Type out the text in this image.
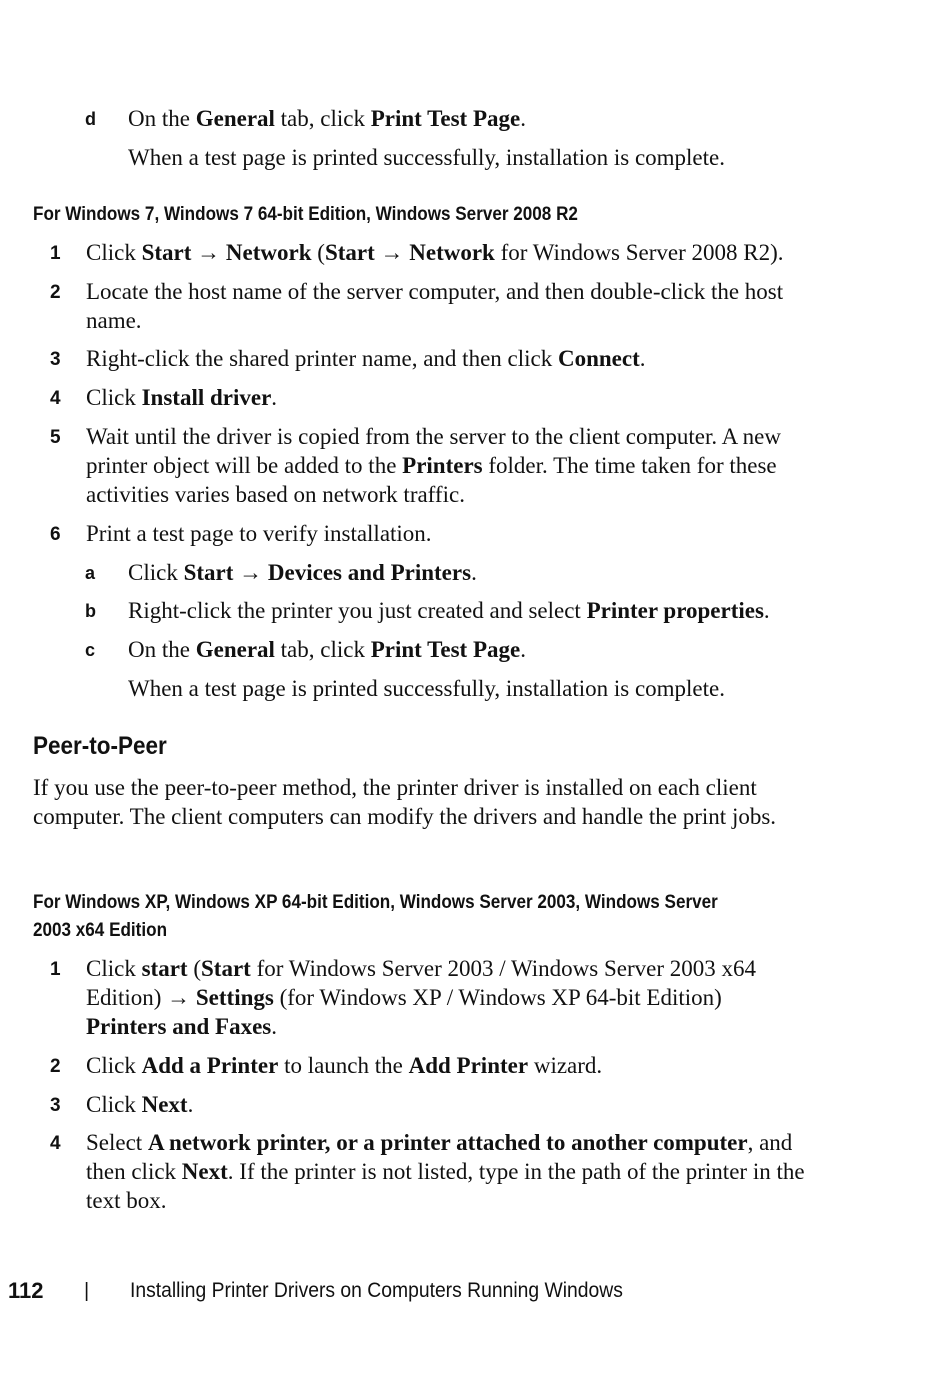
d On the General tab, click Print Test Page.
When a test page is printed successfully, installation is complete.
For Windows 7, Windows 7 64-bit Edition, Windows Server 2008 R2
1 Click Start → Network (Start → Network for Windows Server 2008 R2).
2 Locate the host name of the server computer, and then double-click the host name.
3 Right-click the shared printer name, and then click Connect.
4 Click Install driver.
5 Wait until the driver is copied from the server to the client computer. A new printer object will be added to the Printers folder. The time taken for these activities varies based on network traffic.
6 Print a test page to verify installation.
a Click Start → Devices and Printers.
b Right-click the printer you just created and select Printer properties.
c On the General tab, click Print Test Page.
When a test page is printed successfully, installation is complete.
Peer-to-Peer
If you use the peer-to-peer method, the printer driver is installed on each client computer. The client computers can modify the drivers and handle the print jobs.
For Windows XP, Windows XP 64-bit Edition, Windows Server 2003, Windows Server 2003 x64 Edition
1 Click start (Start for Windows Server 2003 / Windows Server 2003 x64 Edition) → Settings (for Windows XP / Windows XP 64-bit Edition) Printers and Faxes.
2 Click Add a Printer to launch the Add Printer wizard.
3 Click Next.
4 Select A network printer, or a printer attached to another computer, and then click Next. If the printer is not listed, type in the path of the printer in the text box.
112 | Installing Printer Drivers on Computers Running Windows
